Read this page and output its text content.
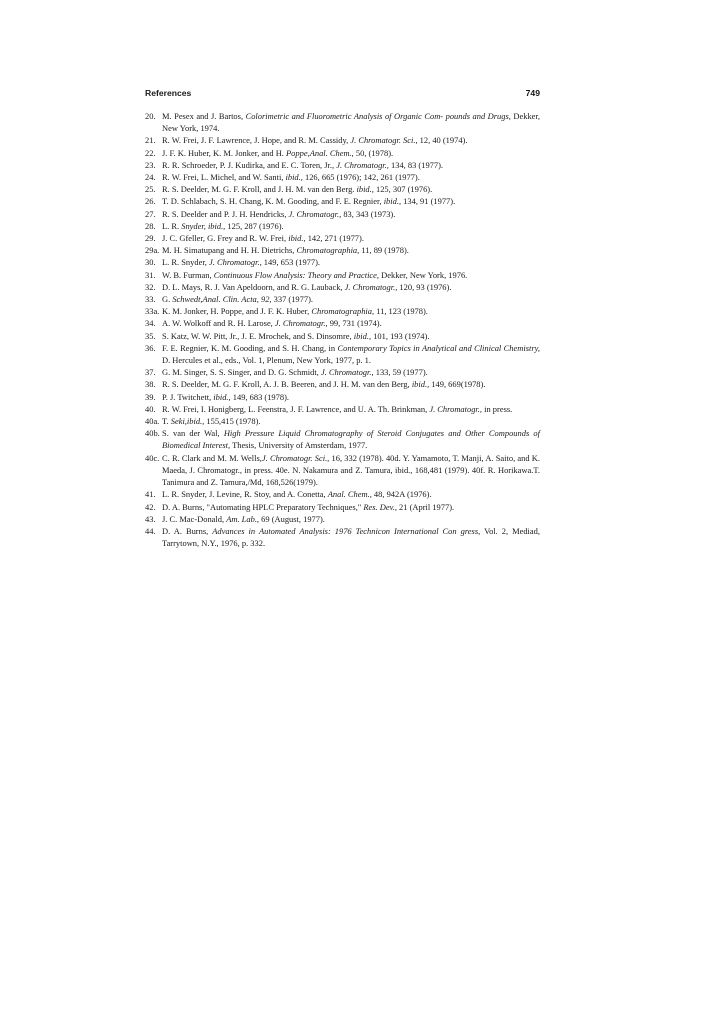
References	749
20. M. Pesex and J. Bartos, Colorimetric and Fluorometric Analysis of Organic Com- pounds and Drugs, Dekker, New York, 1974.
21. R. W. Frei, J. F. Lawrence, J. Hope, and R. M. Cassidy, J. Chromatogr. Sci., 12, 40 (1974).
22. J. F. K. Huber, K. M. Jonker, and H. Poppe,Anal. Chem., 50, (1978).
23. R. R. Schroeder, P. J. Kudirka, and E. C. Toren, Jr., J. Chromatogr., 134, 83 (1977).
24. R. W. Frei, L. Michel, and W. Santi, ibid., 126, 665 (1976); 142, 261 (1977).
25. R. S. Deelder, M. G. F. Kroll, and J. H. M. van den Berg. ibid., 125, 307 (1976).
26. T. D. Schlabach, S. H. Chang, K. M. Gooding, and F. E. Regnier, ibid., 134, 91 (1977).
27. R. S. Deelder and P. J. H. Hendricks, J. Chromatogr., 83, 343 (1973).
28. L. R. Snyder, ibid., 125, 287 (1976).
29. J. C. Gfeller, G. Frey and R. W. Frei, ibid., 142, 271 (1977).
29a. M. H. Simatupang and H. H. Dietrichs, Chromatographia, 11, 89 (1978).
30. L. R. Snyder, J. Chromatogr., 149, 653 (1977).
31. W. B. Furman, Continuous Flow Analysis: Theory and Practice, Dekker, New York, 1976.
32. D. L. Mays, R. J. Van Apeldoorn, and R. G. Lauback, J. Chromatogr., 120, 93 (1976).
33. G. Schwedt,Anal. Clin. Acta, 92, 337 (1977).
33a. K. M. Jonker, H. Poppe, and J. F. K. Huber, Chromatographia, 11, 123 (1978).
34. A. W. Wolkoff and R. H. Larose, J. Chromatogr., 99, 731 (1974).
35. S. Katz, W. W. Pitt, Jr., J. E. Mrochek, and S. Dinsomre, ibid., 101, 193 (1974).
36. F. E. Regnier, K. M. Gooding, and S. H. Chang, in Contemporary Topics in Analytical and Clinical Chemistry, D. Hercules et al., eds., Vol. 1, Plenum, New York, 1977, p. 1.
37. G. M. Singer, S. S. Singer, and D. G. Schmidt, J. Chromatogr., 133, 59 (1977).
38. R. S. Deelder, M. G. F. Kroll, A. J. B. Beeren, and J. H. M. van den Berg, ibid., 149, 669(1978).
39. P. J. Twitchett, ibid., 149, 683 (1978).
40. R. W. Frei, I. Honigberg, L. Feenstra, J. F. Lawrence, and U. A. Th. Brinkman, J. Chromatogr., in press.
40a. T. Seki,ibid., 155,415 (1978).
40b. S. van der Wal, High Pressure Liquid Chromatography of Steroid Conjugates and Other Compounds of Biomedical Interest, Thesis, University of Amsterdam, 1977.
40c. C. R. Clark and M. M. Wells,J. Chromatogr. Sci., 16, 332 (1978). 40d. Y. Yamamoto, T. Manji, A. Saito, and K. Maeda, J. Chromatogr., in press. 40e. N. Nakamura and Z. Tamura, ibid., 168,481 (1979). 40f. R. Horikawa.T. Tanimura and Z. Tamura,/Md, 168,526(1979).
41. L. R. Snyder, J. Levine, R. Stoy, and A. Conetta, Anal. Chem., 48, 942A (1976).
42. D. A. Burns, "Automating HPLC Preparatory Techniques," Res. Dev., 21 (April 1977).
43. J. C. Mac-Donald, Am. Lab., 69 (August, 1977).
44. D. A. Burns, Advances in Automated Analysis: 1976 Technicon International Con gress, Vol. 2, Mediad, Tarrytown, N.Y., 1976, p. 332.
